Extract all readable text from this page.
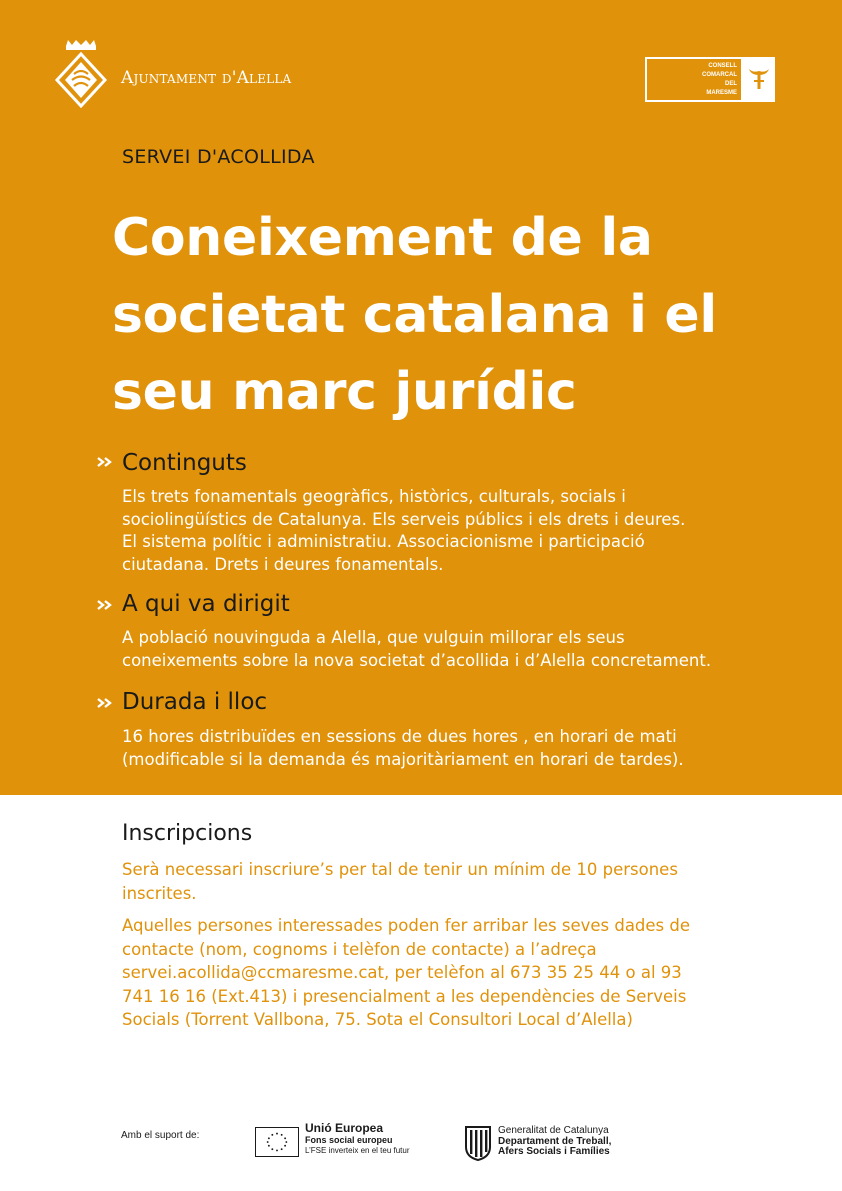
Ajuntament d'Alella
CONSELL
COMARCAL
DEL
MARESME
SERVEI D'ACOLLIDA
Coneixement de la
societat catalana i el
seu marc jurídic
Continguts

Els trets fonamentals geogràfics, històrics, culturals, socials i

sociolingüístics de Catalunya. Els serveis públics i els drets i deures.

El sistema polític i administratiu. Associacionisme i participació

ciutadana. Drets i deures fonamentals.

A qui va dirigit

A població nouvinguda a Alella, que vulguin millorar els seus

coneixements sobre la nova societat d’acollida i d’Alella concretament.

Durada i lloc

16 hores distribuïdes en sessions de dues hores , en horari de mati

(modificable si la demanda és majoritàriament en horari de tardes).

Inscripcions

Serà necessari inscriure’s per tal de tenir un mínim de 10 persones

inscrites.

Aquelles persones interessades poden fer arribar les seves dades de

contacte (nom, cognoms i telèfon de contacte) a l’adreça

servei.acollida@ccmaresme.cat, per telèfon al 673 35 25 44 o al 93

741 16 16 (Ext.413) i presencialment a les dependències de Serveis

Socials (Torrent Vallbona, 75. Sota el Consultori Local d’Alella)

Amb el suport de:
Unió Europea
Fons social europeu
L’FSE inverteix en el teu futur
Generalitat de Catalunya
Departament de Treball,
Afers Socials i Famílies
